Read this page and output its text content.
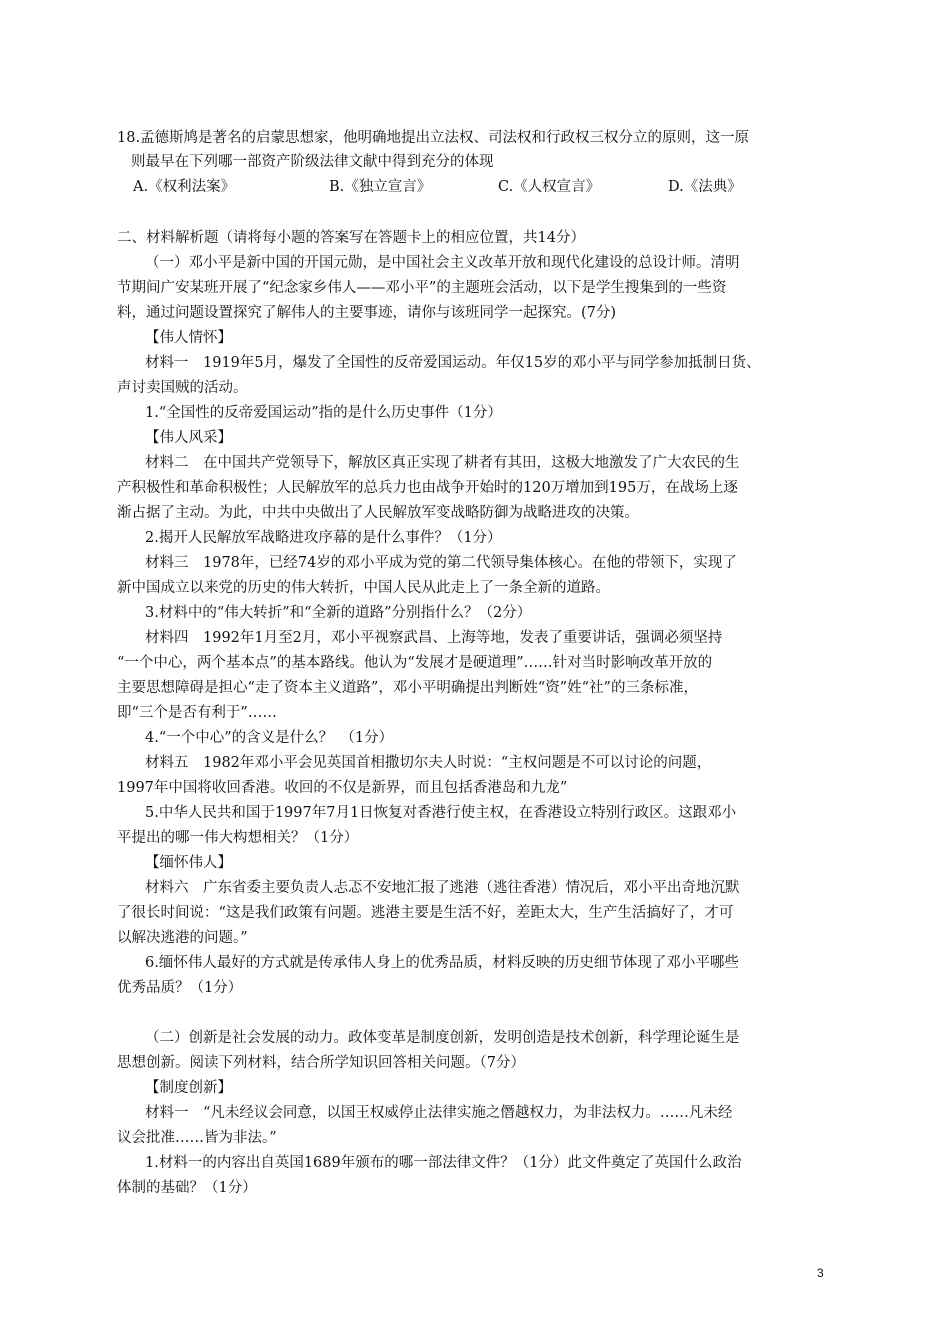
18.孟德斯鸠是著名的启蒙思想家，他明确地提出立法权、司法权和行政权三权分立的原则，这一原
则最早在下列哪一部资产阶级法律文献中得到充分的体现
A.《权利法案》	B.《独立宣言》	C.《人权宣言》	D.《法典》
二、材料解析题（请将每小题的答案写在答题卡上的相应位置，共14分）
（一）邓小平是新中国的开国元勋，是中国社会主义改革开放和现代化建设的总设计师。清明
节期间广安某班开展了“纪念家乡伟人——邓小平”的主题班会活动，以下是学生搜集到的一些资
料，通过问题设置探究了解伟人的主要事迹，请你与该班同学一起探究。(7分)
【伟人情怀】
材料一　1919年5月，爆发了全国性的反帝爱国运动。年仅15岁的邓小平与同学参加抵制日货、
声讨卖国贼的活动。
1.“全国性的反帝爱国运动”指的是什么历史事件（1分）
【伟人风采】
材料二　在中国共产党领导下，解放区真正实现了耕者有其田，这极大地激发了广大农民的生
产积极性和革命积极性；人民解放军的总兵力也由战争开始时的120万增加到195万，在战场上逐
渐占据了主动。为此，中共中央做出了人民解放军变战略防御为战略进攻的决策。
2.揭开人民解放军战略进攻序幕的是什么事件？（1分）
材料三　1978年，已经74岁的邓小平成为党的第二代领导集体核心。在他的带领下，实现了
新中国成立以来党的历史的伟大转折，中国人民从此走上了一条全新的道路。
3.材料中的“伟大转折”和“全新的道路”分别指什么？（2分）
材料四　1992年1月至2月，邓小平视察武昌、上海等地，发表了重要讲话，强调必须坚持
“一个中心，两个基本点”的基本路线。他认为“发展才是硬道理”……针对当时影响改革开放的
主要思想障碍是担心“走了资本主义道路”，邓小平明确提出判断姓“资”姓“社”的三条标准，
即“三个是否有利于”……
4.“一个中心”的含义是什么？　（1分）
材料五　1982年邓小平会见英国首相撒切尔夫人时说：“主权问题是不可以讨论的问题，
1997年中国将收回香港。收回的不仅是新界，而且包括香港岛和九龙”
5.中华人民共和国于1997年7月1日恢复对香港行使主权，在香港设立特别行政区。这跟邓小
平提出的哪一伟大构想相关？（1分）
【缅怀伟人】
材料六　广东省委主要负责人忐忑不安地汇报了逃港（逃往香港）情况后，邓小平出奇地沉默
了很长时间说：“这是我们政策有问题。逃港主要是生活不好，差距太大，生产生活搞好了，才可
以解决逃港的问题。”
6.缅怀伟人最好的方式就是传承伟人身上的优秀品质，材料反映的历史细节体现了邓小平哪些
优秀品质？（1分）
（二）创新是社会发展的动力。政体变革是制度创新，发明创造是技术创新，科学理论诞生是
思想创新。阅读下列材料，结合所学知识回答相关问题。（7分）
【制度创新】
材料一　“凡未经议会同意，以国王权威停止法律实施之僭越权力，为非法权力。……凡未经
议会批准……皆为非法。”
1.材料一的内容出自英国1689年颁布的哪一部法律文件？（1分）此文件奠定了英国什么政治
体制的基础？（1分）
3
